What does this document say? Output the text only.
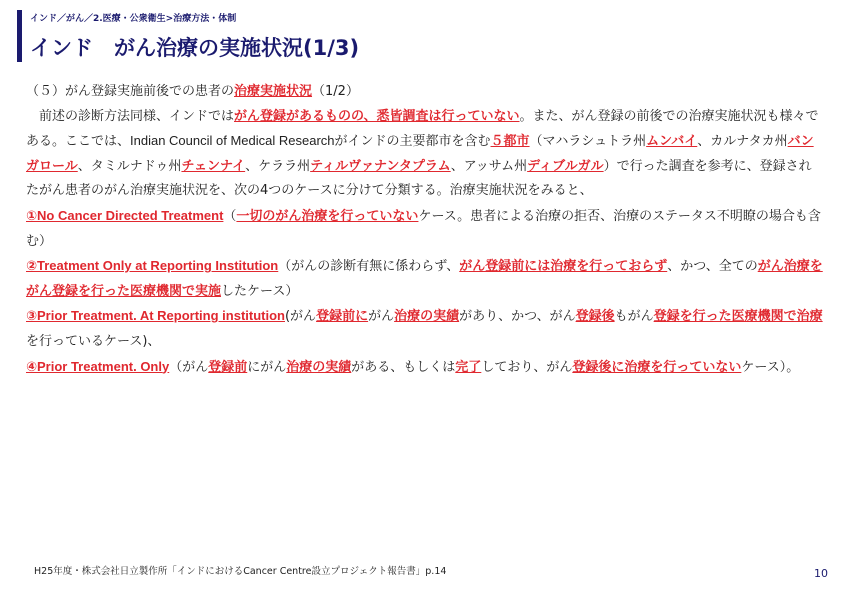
インド／がん／2.医療・公衆衛生>治療方法・体制
インド　がん治療の実施状況(1/3)

（５）がん登録実施前後での患者の治療実施状況（1/2）

前述の診断方法同様、インドではがん登録があるものの、悉皆調査は行っていない。また、がん登録の前後での治療実施状況も様々である。ここでは、Indian Council of Medical Researchがインドの主要都市を含む５都市（マハラシュトラ州ムンバイ、カルナタカ州バンガロール、タミルナドゥ州チェンナイ、ケララ州ティルヴァナンタプラム、アッサム州ディブルガル）で行った調査を参考に、登録されたがん患者のがん治療実施状況を、次の4つのケースに分けて分類する。治療実施状況をみると、

①No Cancer Directed Treatment（一切のがん治療を行っていないケース。患者による治療の拒否、治療のステータス不明瞭の場合も含む）

②Treatment Only at Reporting Institution（がんの診断有無に係わらず、がん登録前には治療を行っておらず、かつ、全てのがん治療をがん登録を行った医療機関で実施したケース）

③Prior Treatment. At Reporting institution(がん登録前にがん治療の実績があり、かつ、がん登録後もがん登録を行った医療機関で治療を行っているケース)、

④Prior Treatment. Only（がん登録前にがん治療の実績がある、もしくは完了しており、がん登録後に治療を行っていないケース）。

H25年度・株式会社日立製作所「インドにおけるCancer Centre設立プロジェクト報告書」p.14	10
